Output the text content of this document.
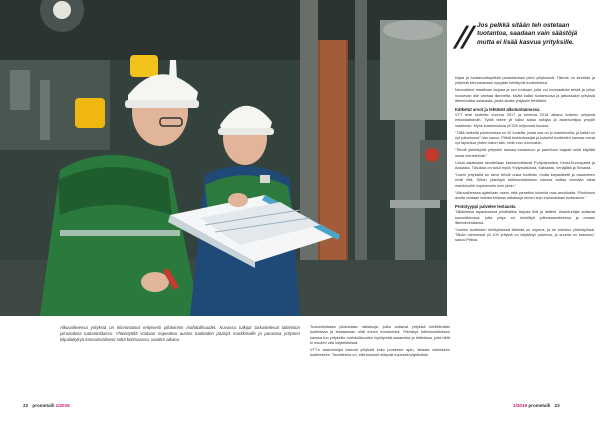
// Jos pelkkä sitään teh ostetaan tuotantoa, saadaan vain säästöjä mutta ei lisää kasvua yrityksille.

kirjaa ja tuottavuuttayrittää parantamaan pieni yrityksissä. Tilanne on sinnikäs ja yrityksiä kiinnostavaan nykyään kehittyvät tuotantoissa.

Neuvottelut maailman tarjoaa ja sen mukaan, jotta voi innovaatiota tehdä ja yritys nousevan alle vanhaa tilannetta. Mutta kaikki tuotantoosa ja jatkossakin yrityksiä lähemmäksi asiakasta, joista alusta yrityksiin tehtäisiin.

Kätketut arvot ja tehtävät alkutuotannossa

VTT testi tuotteita vuonna 2017 ja toimivia 2018 aikana koskien yrityksiä erikoislaitoksiin. Työtä tekee yli kaksi sataa tutkijaa ja asiantuntijaa ympäri maailman. Myös kustannuksia yli 200 miljoonaa kuussa.

“Tällä hetkellä pilotoinnissa on 30 tuotetta, joista osa on jo markkinoilla, ja kaikki on nyt palvelussa” hän sanoo. Pitkät tuotantosarjat ja kokeilut tuotteiden kanssa voivat nyt tapahtua yhden katon alla, vielä ensi vuonnakin.

“Tehdä yhteistyötä yritysten kanssa tuotantoon ja palveluun laajasti sekä käyttää uusia menetelmiä.”

Uusia asiakkaita tavoitellaan kansainvälisesti Pohjoismaista, Keski-Euroopasta ja Aasiasta. Tilauksia on tullut myös Yhdysvalloista, Saksasta, Venäjältä ja Kiinasta.

“Usein yrityksillä on tarve tehdä uusia tuotteita, mutta kapasiteetti ja osaaminen eivät riitä. Silloin yhteistyö tutkimuslaitoksen kanssa auttaa viemään ideat markkinoille nopeammin kuin yksin.”

“Alkuvaiheessa ajatellaan usein, että pienetkin kokeilut ovat arvokkaita. Pilotoinnin avulla voidaan testata erilaisia ratkaisuja ennen kuin investoidaan tuotantoon.”

Prototyyppi palvelee testausta

Tällaisessa tapauksessa pilottilaitos tarjoaa tilat ja laitteet. Asiantuntijat auttavat suunnittelussa, jotta yritys voi keskittyä ydinosaamiseensa ja omaan liiketoimintaansa.

“Uusien tuotteiden kehityksessä tärkeää on nopeus, ja se toteutuu yhteistyössä. Tähän mennessä yli 100 yritystä on käyttänyt palvelua, ja suunta on kasvava,” sanoo Pekka.

Alkuvaiheessa yrityksiä on kiinnostanut erityisesti pilotoinnin mahdollisuudet. Kuvassa tutkijat tarkastelevat laitteiston piirustuksia tuotantotilassa. Yhteistyöllä voidaan nopeuttaa uusien tuotteiden pääsyä markkinoille ja parantaa yritysten kilpailukykyä kansainvälisesti sekä kotimaassa, vuoden aikana.

Tuotantotilassa pilotoidaan ratkaisuja, jotka auttavat yrityksiä kehittämään tuotteitaan ja testaamaan niitä ennen investointia. Yhteistyö tutkimuslaitoksen kanssa tuo yrityksille mahdollisuuden hyödyntää osaamista ja laitteistoa, joita niillä ei muuten olisi käytettävissä.

VTT:n asiantuntijat tukevat yrityksiä koko prosessin ajan, ideasta valmiiseen tuotteeseen. Tavoitteena on, että tulokset siirtyvät nopeasti käytäntöön.

22 prometalli 1/2019	1/2019 prometalli 23
